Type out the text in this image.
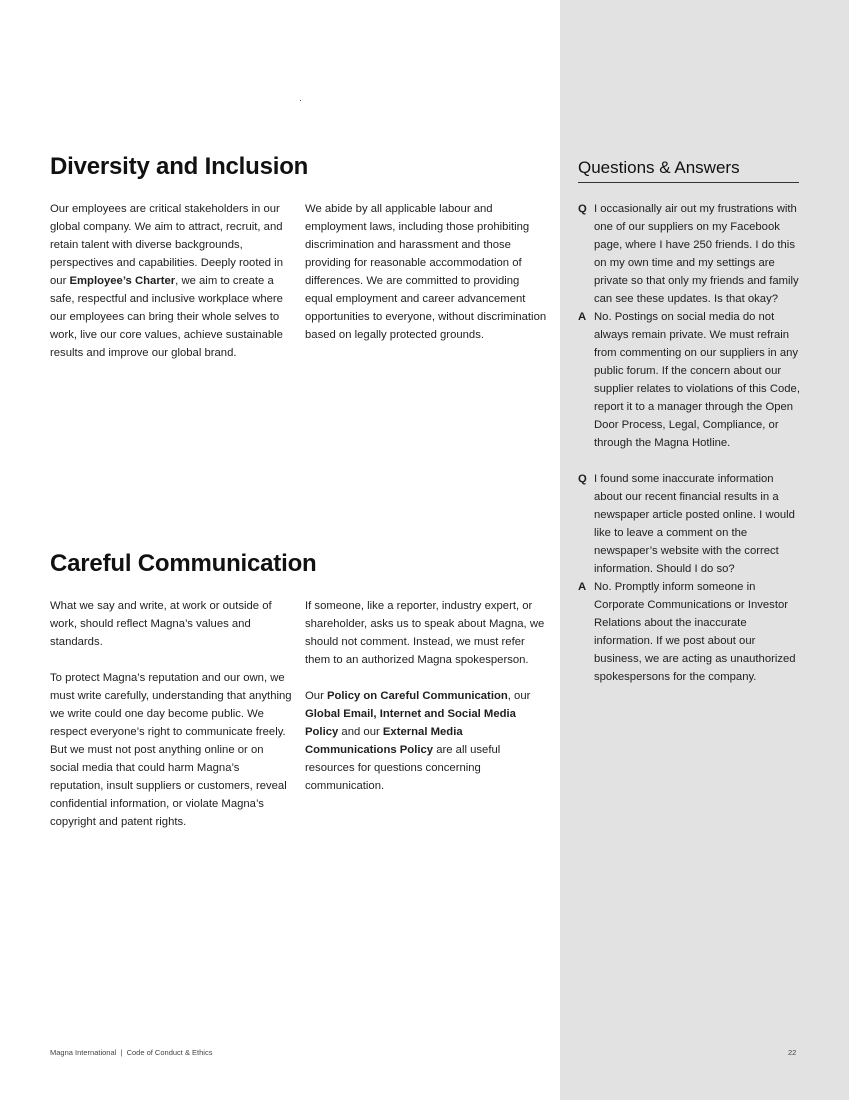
Diversity and Inclusion

Our employees are critical stakeholders in our global company. We aim to attract, recruit, and retain talent with diverse backgrounds, perspectives and capabilities. Deeply rooted in our Employee’s Charter, we aim to create a safe, respectful and inclusive workplace where our employees can bring their whole selves to work, live our core values, achieve sustainable results and improve our global brand.

We abide by all applicable labour and employment laws, including those prohibiting discrimination and harassment and those providing for reasonable accommodation of differences. We are committed to providing equal employment and career advancement opportunities to everyone, without discrimination based on legally protected grounds.

Careful Communication

What we say and write, at work or outside of work, should reflect Magna’s values and standards.

To protect Magna’s reputation and our own, we must write carefully, understanding that anything we write could one day become public. We respect everyone’s right to communicate freely. But we must not post anything online or on social media that could harm Magna’s reputation, insult suppliers or customers, reveal confidential information, or violate Magna’s copyright and patent rights.

If someone, like a reporter, industry expert, or shareholder, asks us to speak about Magna, we should not comment. Instead, we must refer them to an authorized Magna spokesperson.

Our Policy on Careful Communication, our Global Email, Internet and Social Media Policy and our External Media Communications Policy are all useful resources for questions concerning communication.

Questions & Answers
Q I occasionally air out my frustrations with one of our suppliers on my Facebook page, where I have 250 friends. I do this on my own time and my settings are private so that only my friends and family can see these updates. Is that okay?
A No. Postings on social media do not always remain private. We must refrain from commenting on our suppliers in any public forum. If the concern about our supplier relates to violations of this Code, report it to a manager through the Open Door Process, Legal, Compliance, or through the Magna Hotline.
Q I found some inaccurate information about our recent financial results in a newspaper article posted online. I would like to leave a comment on the newspaper’s website with the correct information. Should I do so?
A No. Promptly inform someone in Corporate Communications or Investor Relations about the inaccurate information. If we post about our business, we are acting as unauthorized spokespersons for the company.
Magna International  |  Code of Conduct & Ethics	22
